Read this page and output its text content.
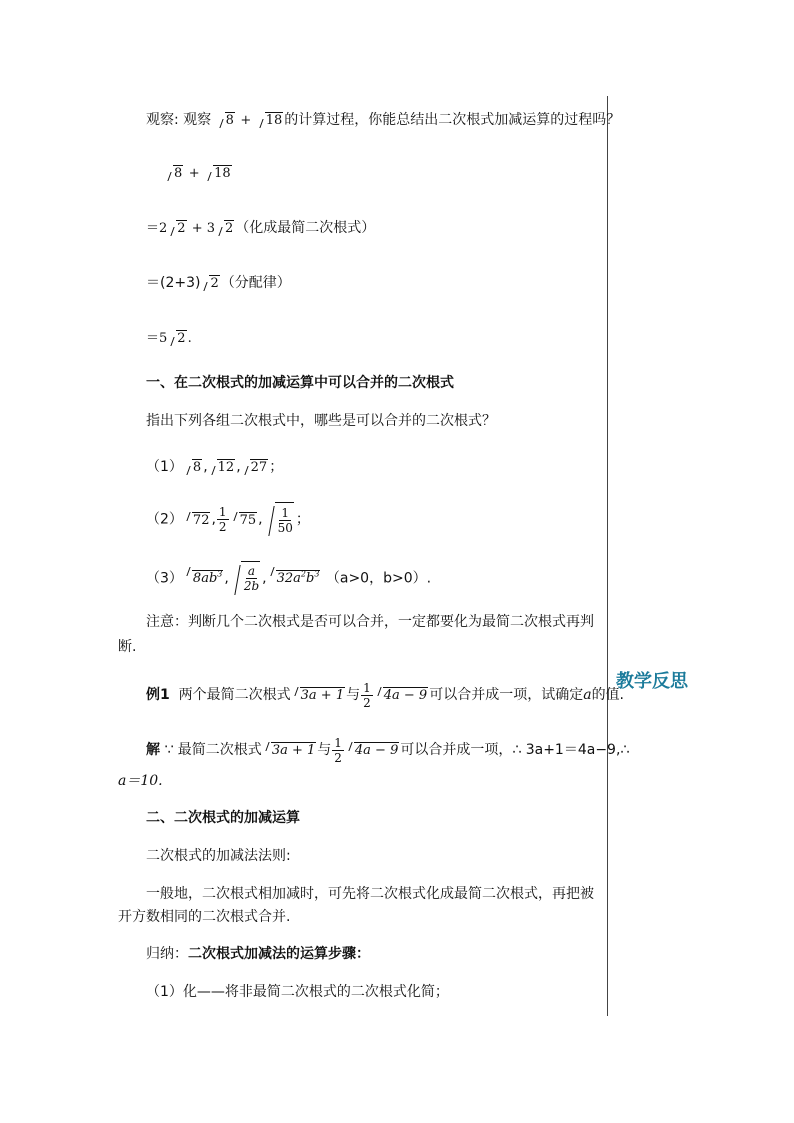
教学反思
观察: 观察 8 + 18 的计算过程，你能总结出二次根式加减运算的过程吗？
8 + 18
＝2 2 + 3 2 （化成最简二次根式）
＝(2+3) 2 （分配律）
＝5 2 .
一、在二次根式的加减运算中可以合并的二次根式
指出下列各组二次根式中，哪些是可以合并的二次根式？
（1） 8 , 12 , 27 ；
（2） 72 , $\frac{1}{2} 75$ , $\frac{1}{50}$ ；
（3） $8ab^3$ , $\frac{a}{2b}$ , $32a^2b^3$ （a>0，b>0）.
注意：判断几个二次根式是否可以合并，一定都要化为最简二次根式再判
断.
例1 两个最简二次根式 3a + 1 与 $\frac{1}{2} 4a - 9$ 可以合并成一项，试确定a的值.
解 ∵ 最简二次根式 3a + 1 与 $\frac{1}{2} 4a - 9$ 可以合并成一项，∴ 3a+1＝4a−9,∴
a＝10.
二、二次根式的加减运算
二次根式的加减法法则:
一般地，二次根式相加减时，可先将二次根式化成最简二次根式，再把被
开方数相同的二次根式合并.
归纳：二次根式加减法的运算步骤：
（1）化——将非最简二次根式的二次根式化简；
